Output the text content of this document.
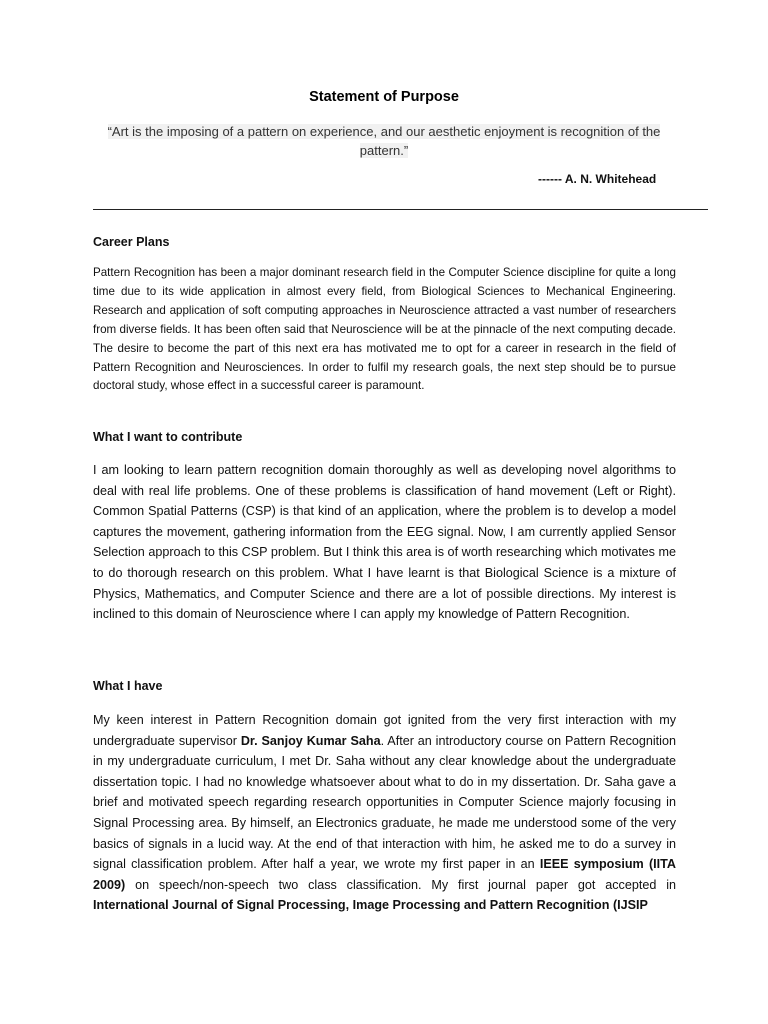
Statement of Purpose
“Art is the imposing of a pattern on experience, and our aesthetic enjoyment is recognition of the pattern.”
------ A. N. Whitehead
Career Plans
Pattern Recognition has been a major dominant research field in the Computer Science discipline for quite a long time due to its wide application in almost every field, from Biological Sciences to Mechanical Engineering. Research and application of soft computing approaches in Neuroscience attracted a vast number of researchers from diverse fields. It has been often said that Neuroscience will be at the pinnacle of the next computing decade. The desire to become the part of this next era has motivated me to opt for a career in research in the field of Pattern Recognition and Neurosciences. In order to fulfil my research goals, the next step should be to pursue doctoral study, whose effect in a successful career is paramount.
What I want to contribute
I am looking to learn pattern recognition domain thoroughly as well as developing novel algorithms to deal with real life problems. One of these problems is classification of hand movement (Left or Right). Common Spatial Patterns (CSP) is that kind of an application, where the problem is to develop a model captures the movement, gathering information from the EEG signal. Now, I am currently applied Sensor Selection approach to this CSP problem. But I think this area is of worth researching which motivates me to do thorough research on this problem. What I have learnt is that Biological Science is a mixture of Physics, Mathematics, and Computer Science and there are a lot of possible directions. My interest is inclined to this domain of Neuroscience where I can apply my knowledge of Pattern Recognition.
What I have
My keen interest in Pattern Recognition domain got ignited from the very first interaction with my undergraduate supervisor Dr. Sanjoy Kumar Saha. After an introductory course on Pattern Recognition in my undergraduate curriculum, I met Dr. Saha without any clear knowledge about the undergraduate dissertation topic. I had no knowledge whatsoever about what to do in my dissertation. Dr. Saha gave a brief and motivated speech regarding research opportunities in Computer Science majorly focusing in Signal Processing area. By himself, an Electronics graduate, he made me understood some of the very basics of signals in a lucid way. At the end of that interaction with him, he asked me to do a survey in signal classification problem. After half a year, we wrote my first paper in an IEEE symposium (IITA 2009) on speech/non-speech two class classification. My first journal paper got accepted in International Journal of Signal Processing, Image Processing and Pattern Recognition (IJSIP
